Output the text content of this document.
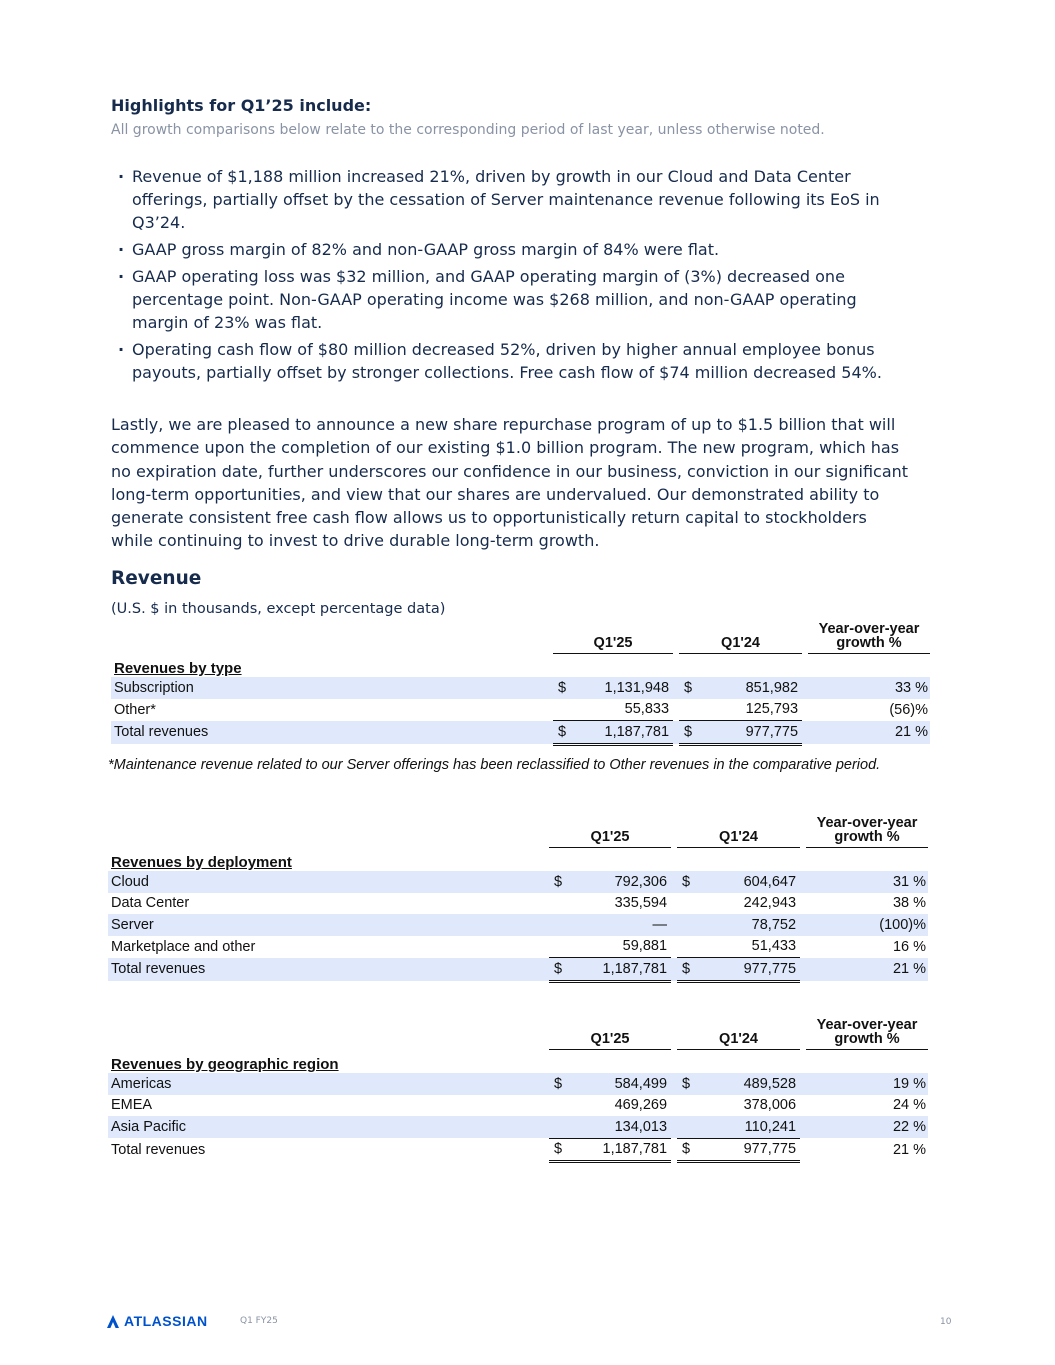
Highlights for Q1’25 include:
All growth comparisons below relate to the corresponding period of last year, unless otherwise noted.
· Revenue of $1,188 million increased 21%, driven by growth in our Cloud and Data Center offerings, partially offset by the cessation of Server maintenance revenue following its EoS in Q3’24.
· GAAP gross margin of 82% and non-GAAP gross margin of 84% were flat.
· GAAP operating loss was $32 million, and GAAP operating margin of (3%) decreased one percentage point. Non-GAAP operating income was $268 million, and non-GAAP operating margin of 23% was flat.
· Operating cash flow of $80 million decreased 52%, driven by higher annual employee bonus payouts, partially offset by stronger collections. Free cash flow of $74 million decreased 54%.
Lastly, we are pleased to announce a new share repurchase program of up to $1.5 billion that will commence upon the completion of our existing $1.0 billion program. The new program, which has no expiration date, further underscores our confidence in our business, conviction in our significant long-term opportunities, and view that our shares are undervalued. Our demonstrated ability to generate consistent free cash flow allows us to opportunistically return capital to stockholders while continuing to invest to drive durable long-term growth.
Revenue
(U.S. $ in thousands, except percentage data)
	Q1'25			Q1'24			Year-over-year
growth %
Revenues by type							
Subscription	$	1,131,948		$	851,982		33 %
Other*		55,833			125,793		(56)%
Total revenues	$	1,187,781		$	977,775		21 %
*Maintenance revenue related to our Server offerings has been reclassified to Other revenues in the comparative period.
	Q1'25			Q1'24			Year-over-year
growth %
Revenues by deployment							
Cloud	$	792,306		$	604,647		31 %
Data Center		335,594			242,943		38 %
Server		—			78,752		(100)%
Marketplace and other		59,881			51,433		16 %
Total revenues	$	1,187,781		$	977,775		21 %
	Q1'25			Q1'24			Year-over-year
growth %
Revenues by geographic region							
Americas	$	584,499		$	489,528		19 %
EMEA		469,269			378,006		24 %
Asia Pacific		134,013			110,241		22 %
Total revenues	$	1,187,781		$	977,775		21 %
ATLASSIAN	Q1 FY25	10
